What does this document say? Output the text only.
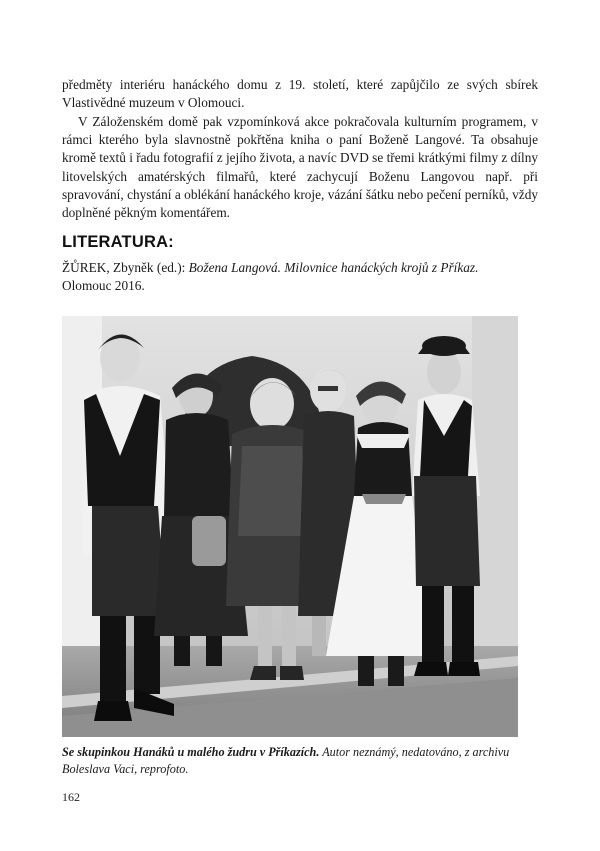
předměty interiéru hanáckého domu z 19. století, které zapůjčilo ze svých sbírek Vlastivědné muzeum v Olomouci.

V Záloženském domě pak vzpomínková akce pokračovala kulturním programem, v rámci kterého byla slavnostně pokřtěna kniha o paní Boženě Langové. Ta obsahuje kromě textů i řadu fotografií z jejího života, a navíc DVD se třemi krátkými filmy z dílny litovelských amatérských filmařů, které zachycují Boženu Langovou např. při spravování, chystání a oblékání hanáckého kroje, vázání šátku nebo pečení perníků, vždy doplněné pěkným komentářem.

LITERATURA:

ŽŮREK, Zbyněk (ed.): Božena Langová. Milovnice hanáckých krojů z Příkaz.
Olomouc 2016.

Se skupinkou Hanáků u malého žudru v Příkazích. Autor neznámý, nedatováno, z archivu Boleslava Vaci, reprofoto.

162
